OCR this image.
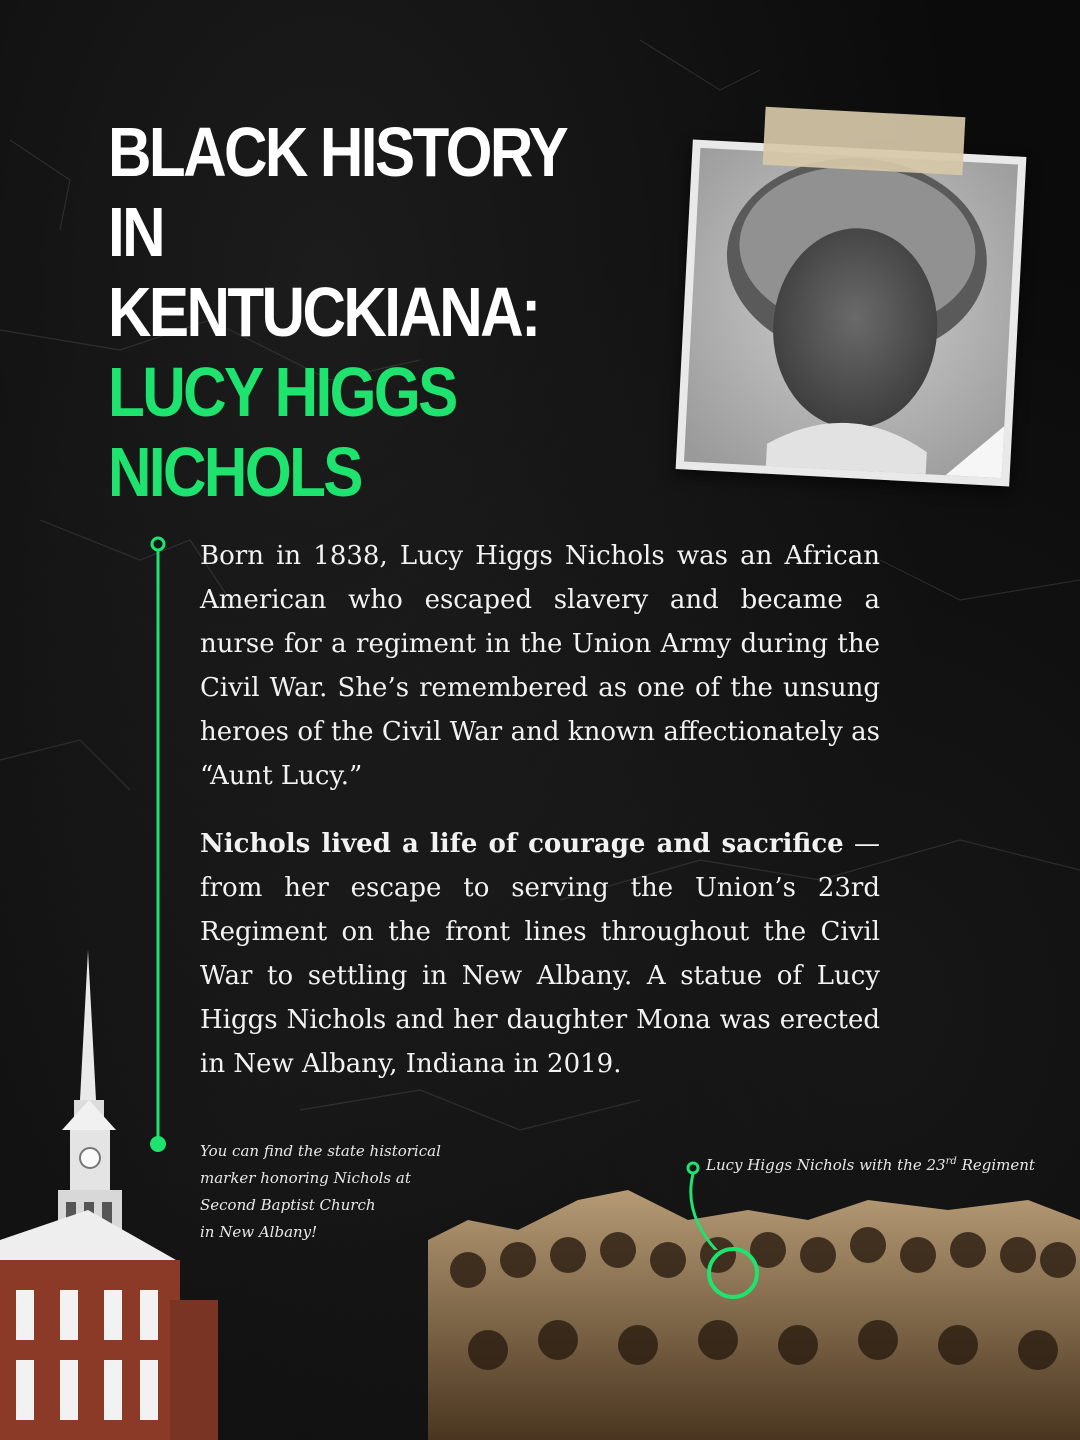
BLACK HISTORY IN
KENTUCKIANA:
LUCY HIGGS NICHOLS

Born in 1838, Lucy Higgs Nichols was an African American who escaped slavery and became a nurse for a regiment in the Union Army during the Civil War. She’s remembered as one of the unsung heroes of the Civil War and known affectionately as “Aunt Lucy.”

Nichols lived a life of courage and sacrifice — from her escape to serving the Union’s 23rd Regiment on the front lines throughout the Civil War to settling in New Albany. A statue of Lucy Higgs Nichols and her daughter Mona was erected in New Albany, Indiana in 2019.

You can find the state historical
marker honoring Nichols at
Second Baptist Church
in New Albany!
Lucy Higgs Nichols with the 23rd Regiment
